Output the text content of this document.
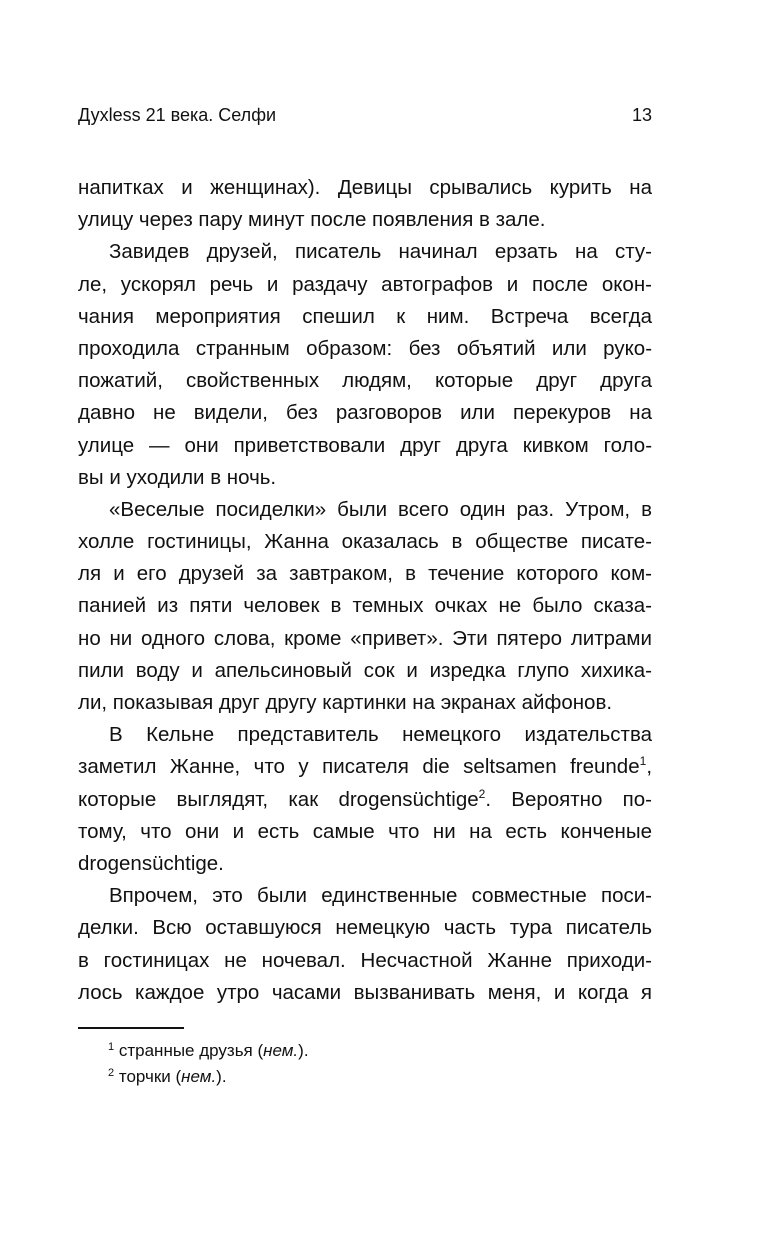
Духless 21 века. Селфи	13
напитках и женщинах). Девицы срывались курить на
улицу через пару минут после появления в зале.
Завидев друзей, писатель начинал ерзать на сту-
ле, ускорял речь и раздачу автографов и после окон-
чания мероприятия спешил к ним. Встреча всегда
проходила странным образом: без объятий или руко-
пожатий, свойственных людям, которые друг друга
давно не видели, без разговоров или перекуров на
улице — они приветствовали друг друга кивком голо-
вы и уходили в ночь.
«Веселые посиделки» были всего один раз. Утром, в
холле гостиницы, Жанна оказалась в обществе писате-
ля и его друзей за завтраком, в течение которого ком-
панией из пяти человек в темных очках не было сказа-
но ни одного слова, кроме «привет». Эти пятеро литрами
пили воду и апельсиновый сок и изредка глупо хихика-
ли, показывая друг другу картинки на экранах айфонов.
В Кельне представитель немецкого издательства
заметил Жанне, что у писателя die seltsamen freunde$^1$,
которые выглядят, как drogensüchtige$^2$. Вероятно по-
тому, что они и есть самые что ни на есть конченые
drogensüchtige.
Впрочем, это были единственные совместные поси-
делки. Всю оставшуюся немецкую часть тура писатель
в гостиницах не ночевал. Несчастной Жанне приходи-
лось каждое утро часами вызванивать меня, и когда я
$^1$ странные друзья (нем.).
$^2$ торчки (нем.).
